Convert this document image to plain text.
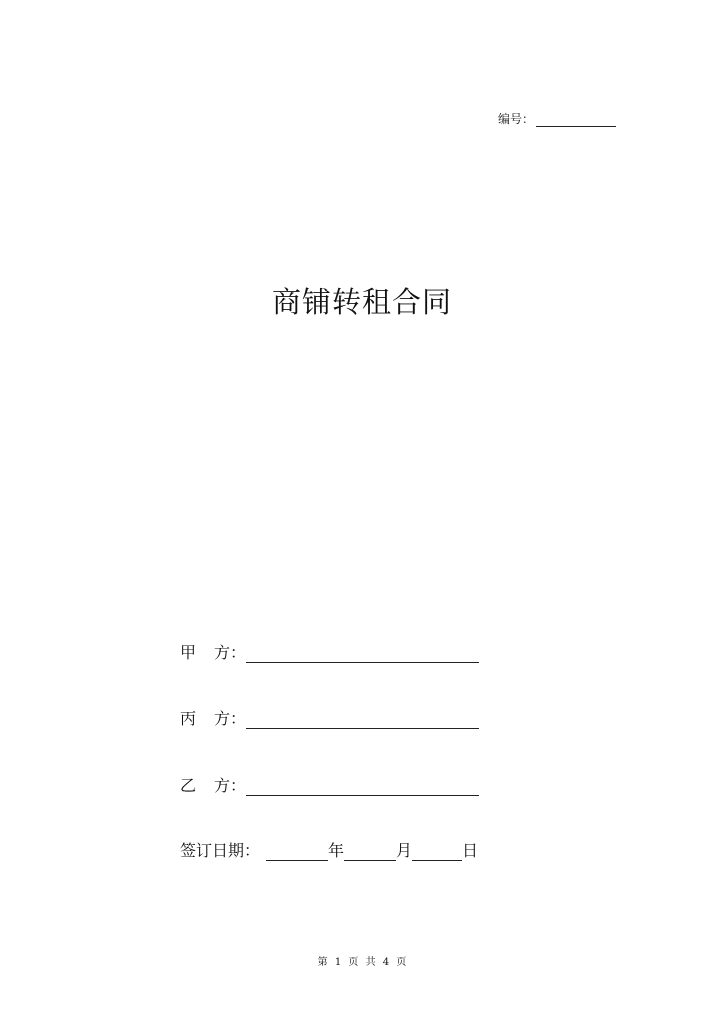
编号：
商铺转租合同
甲 方：
丙 方：
乙 方：
签订日期：	年	月	日
第 1 页 共 4 页
